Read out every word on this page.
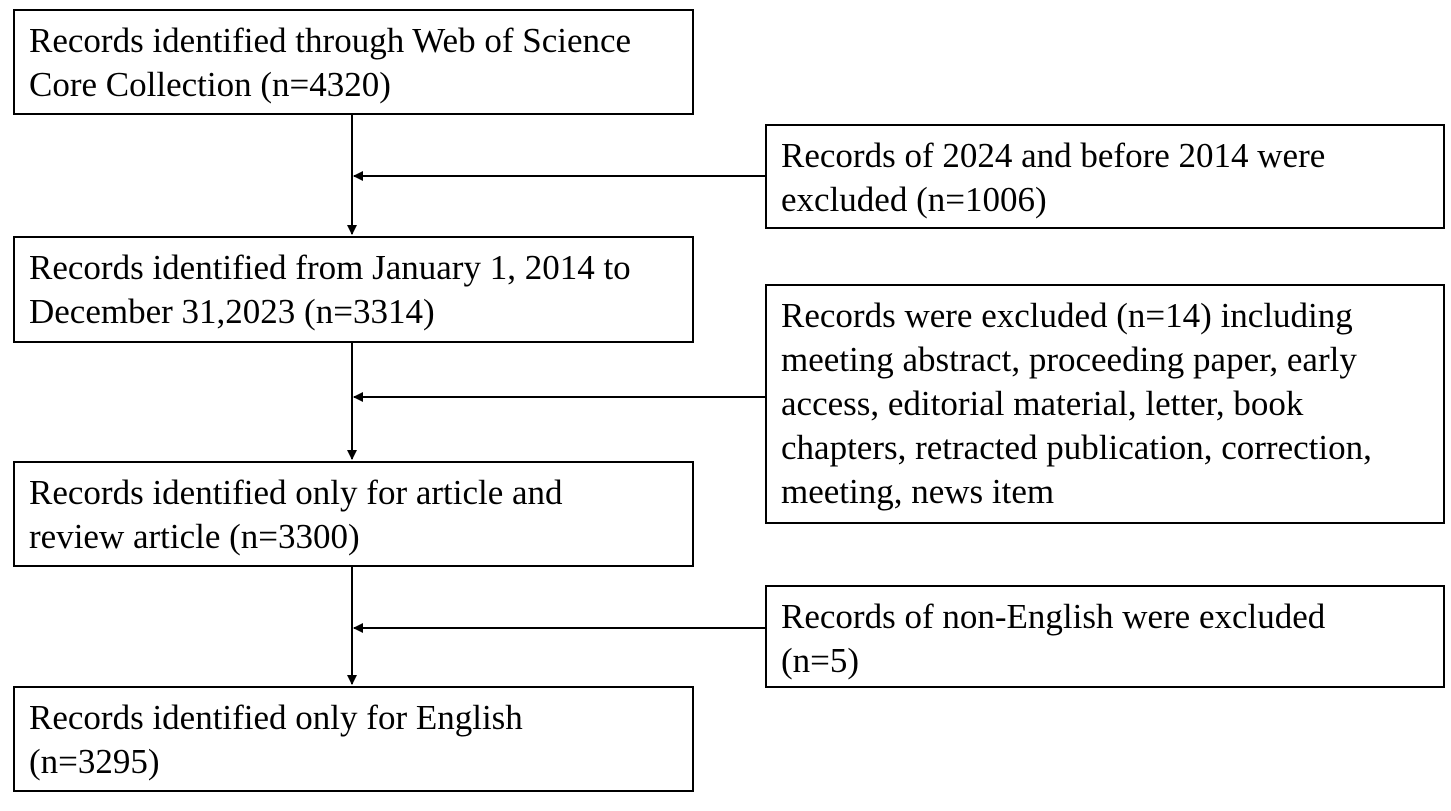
Records identified through Web of Science
Core Collection (n=4320)
Records identified from January 1, 2014 to
December 31,2023 (n=3314)
Records identified only for article and
review article (n=3300)
Records identified only for English
(n=3295)
Records of 2024 and before 2014 were
excluded (n=1006)
Records were excluded (n=14) including
meeting abstract, proceeding paper, early
access, editorial material, letter, book
chapters, retracted publication, correction,
meeting, news item
Records of non-English were excluded
(n=5)
